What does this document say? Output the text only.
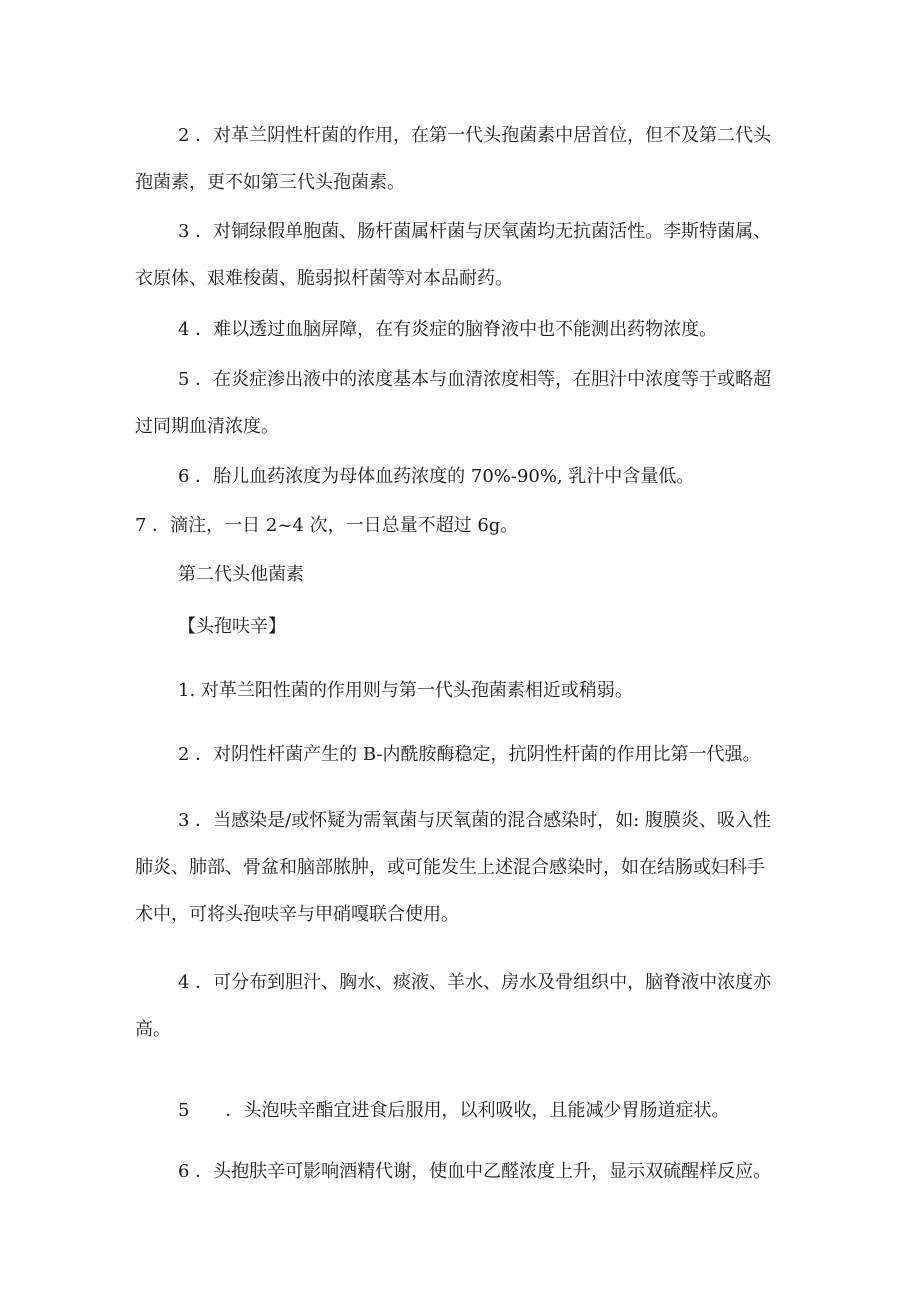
2 ．对革兰阴性杆菌的作用，在第一代头孢菌素中居首位，但不及第二代头
孢菌素，更不如第三代头孢菌素。

3 ．对铜绿假单胞菌、肠杆菌属杆菌与厌氧菌均无抗菌活性。李斯特菌属、
衣原体、艰难梭菌、脆弱拟杆菌等对本品耐药。

4 ．难以透过血脑屏障，在有炎症的脑脊液中也不能测出药物浓度。

5 ．在炎症渗出液中的浓度基本与血清浓度相等，在胆汁中浓度等于或略超
过同期血清浓度。

6 ．胎儿血药浓度为母体血药浓度的 70%-90%, 乳汁中含量低。

7 ．滴注，一日 2~4 次，一日总量不超过 6g。

第二代头他菌素

【头孢呋辛】

1. 对革兰阳性菌的作用则与第一代头孢菌素相近或稍弱。

2 ．对阴性杆菌产生的 B-内酰胺酶稳定，抗阴性杆菌的作用比第一代强。

3 ．当感染是/或怀疑为需氧菌与厌氧菌的混合感染时，如: 腹膜炎、吸入性
肺炎、肺部、骨盆和脑部脓肿，或可能发生上述混合感染时，如在结肠或妇科手
术中，可将头孢呋辛与甲硝嘎联合使用。

4 ．可分布到胆汁、胸水、痰液、羊水、房水及骨组织中，脑脊液中浓度亦
高。

5　　．头泡呋辛酯宜进食后服用，以利吸收，且能减少胃肠道症状。

6 ．头抱肤辛可影响酒精代谢，使血中乙醛浓度上升，显示双硫醒样反应。
